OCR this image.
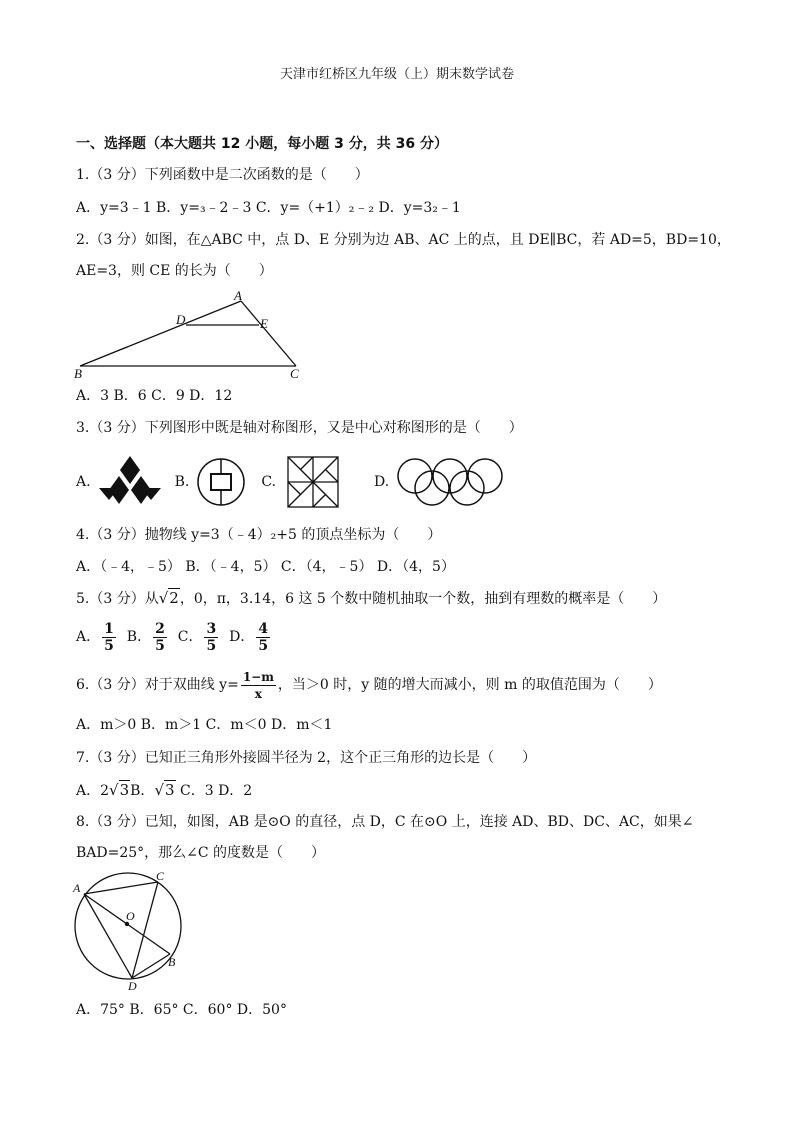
天津市红桥区九年级（上）期末数学试卷
一、选择题（本大题共 12 小题，每小题 3 分，共 36 分）
1.（3 分）下列函数中是二次函数的是（　　）
A．y=3﹣1 B．y=₃﹣2﹣3 C．y=（+1）₂﹣₂ D．y=3₂﹣1
2.（3 分）如图，在△ABC 中，点 D、E 分别为边 AB、AC 上的点，且 DE∥BC，若 AD=5，BD=10，
AE=3，则 CE 的长为（　　）
A
D	E
B	C
A．3 B．6 C．9 D．12
3.（3 分）下列图形中既是轴对称图形，又是中心对称图形的是（　　）
A.	B.	C.	D.
4.（3 分）抛物线 y=3（﹣4）₂+5 的顶点坐标为（　　）
A．（﹣4，﹣5） B．（﹣4，5） C．（4，﹣5） D．（4，5）
5.（3 分）从√2，0，π，3.14，6 这 5 个数中随机抽取一个数，抽到有理数的概率是（　　）
A． $\frac{1}{5}$ B． $\frac{2}{5}$ C． $\frac{3}{5}$ D． $\frac{4}{5}$
6.（3 分）对于双曲线 $y= \frac{1-m}{x}$ ，当＞0 时，y 随的增大而减小，则 m 的取值范围为（　　）
A．m＞0 B．m＞1 C．m＜0 D．m＜1
7.（3 分）已知正三角形外接圆半径为 2，这个正三角形的边长是（　　）
A．2√3B．√3 C．3 D．2
8.（3 分）已知，如图，AB 是⊙O 的直径，点 D，C 在⊙O 上，连接 AD、BD、DC、AC，如果∠
BAD=25°，那么∠C 的度数是（　　）
A
C
O
B
D
A．75° B．65° C．60° D．50°
